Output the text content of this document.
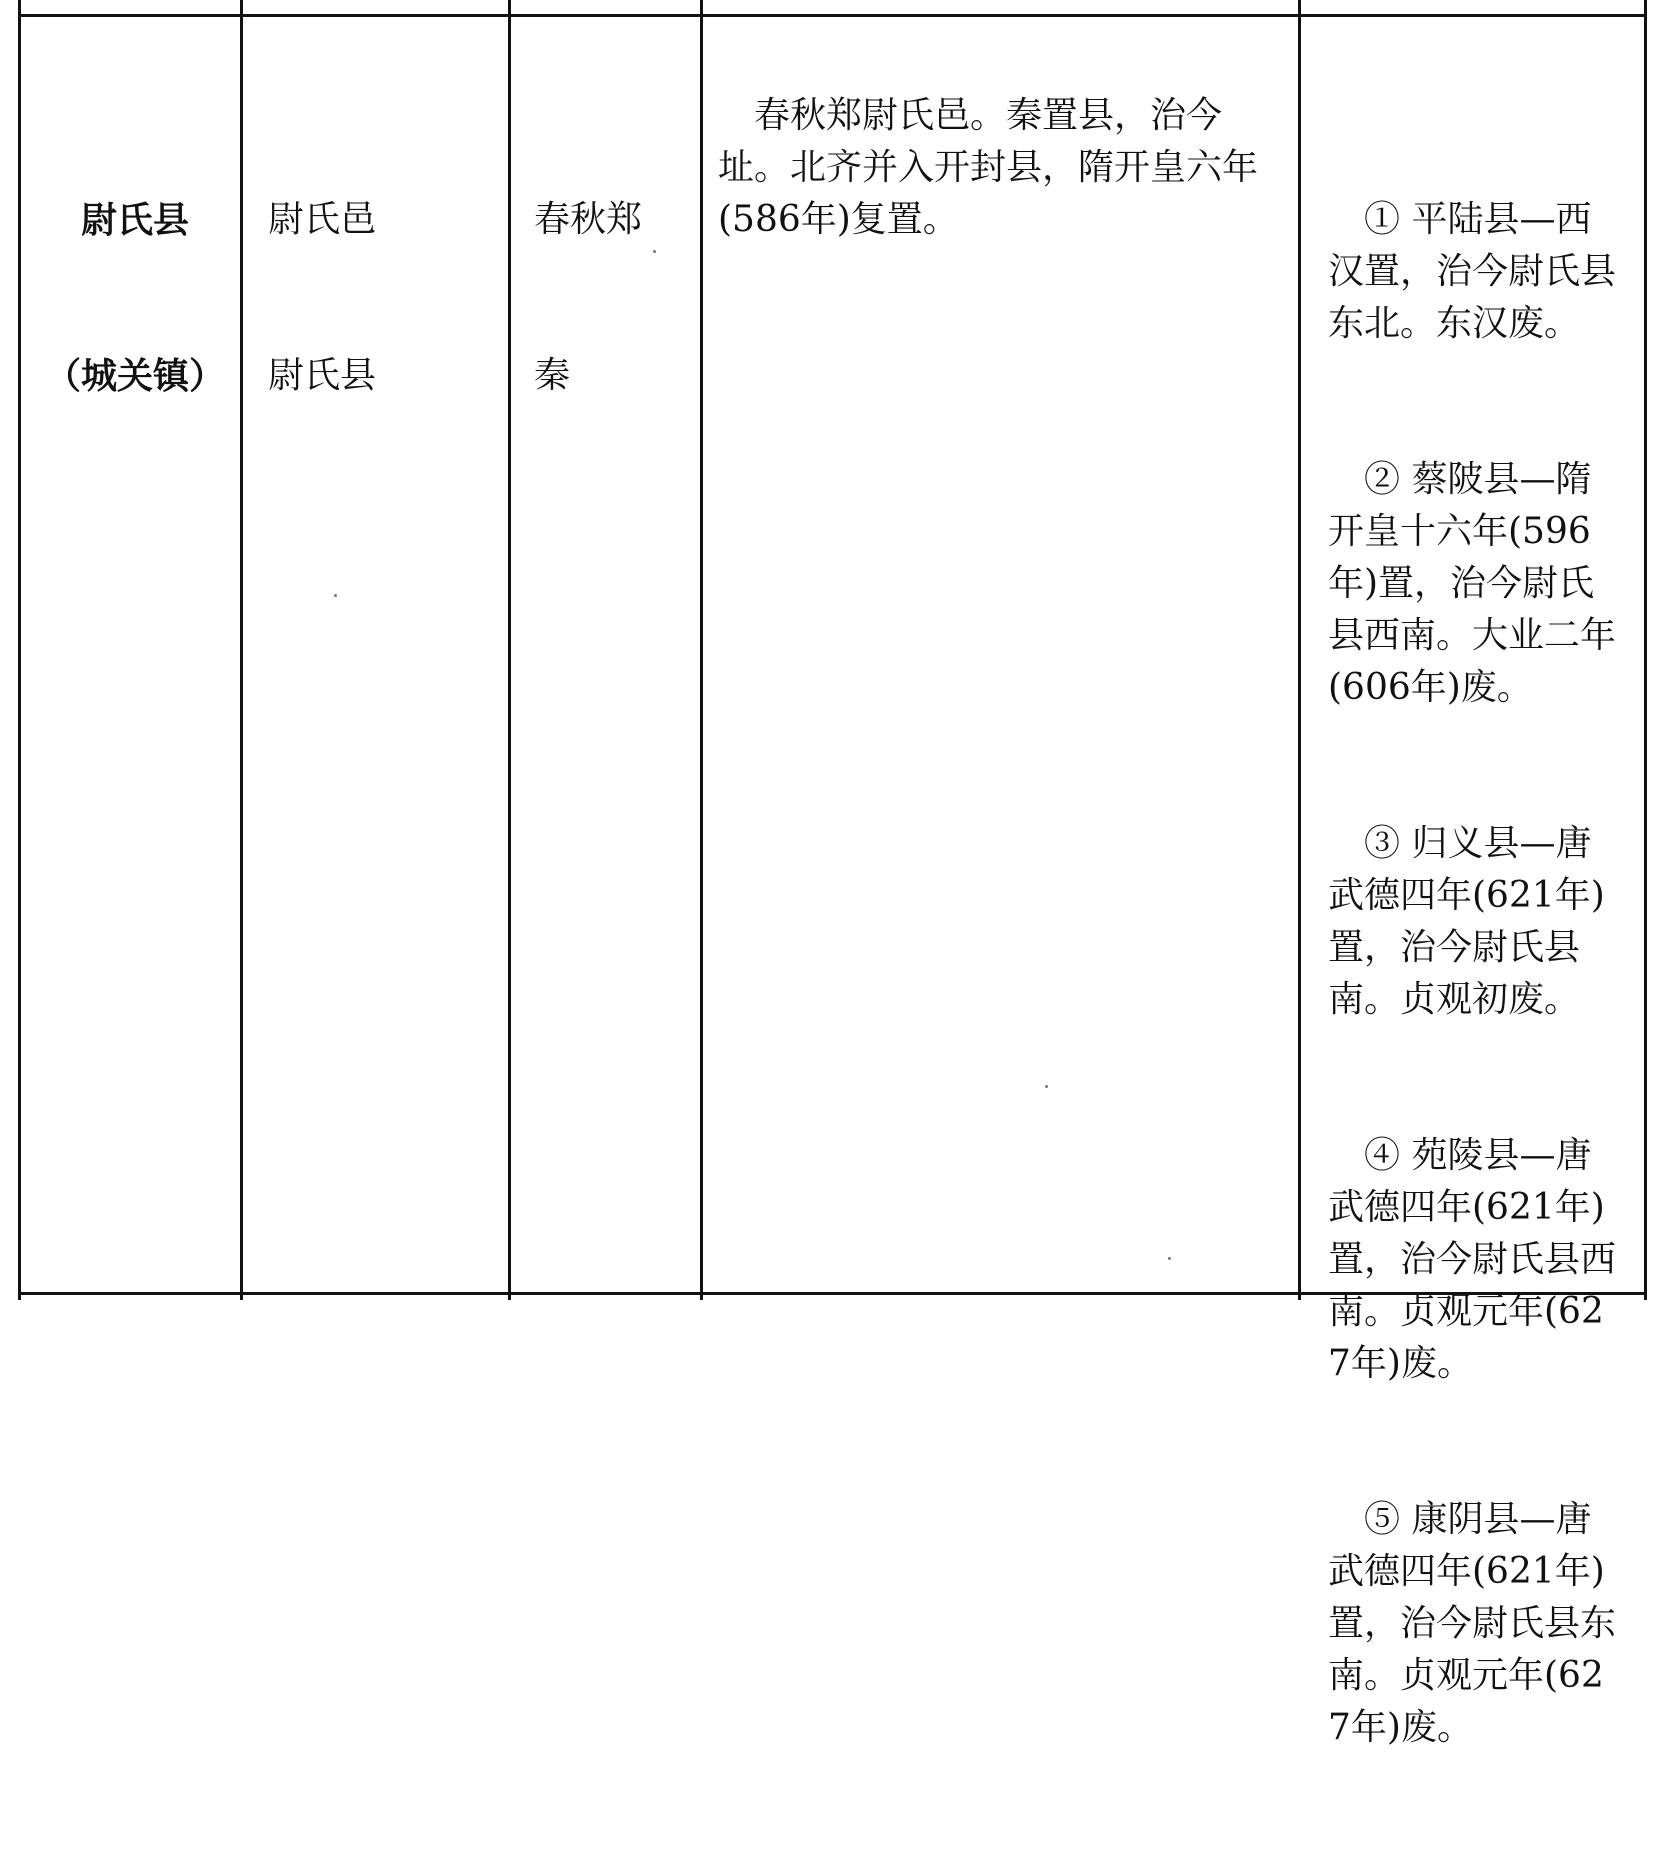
尉氏县

（城关镇）

尉氏邑

尉氏县

春秋郑

秦

春秋郑尉氏邑。秦置县，治今址。北齐并入开封县，隋开皇六年(586年)复置。

	① 平陆县—西汉置，治今尉氏县东北。东汉废。

② 蔡陂县—隋开皇十六年(596年)置，治今尉氏县西南。大业二年(606年)废。

③ 归义县—唐武德四年(621年)置，治今尉氏县南。贞观初废。

④ 苑陵县—唐武德四年(621年)置，治今尉氏县西南。贞观元年(627年)废。

⑤ 康阴县—唐武德四年(621年)置，治今尉氏县东南。贞观元年(627年)废。
